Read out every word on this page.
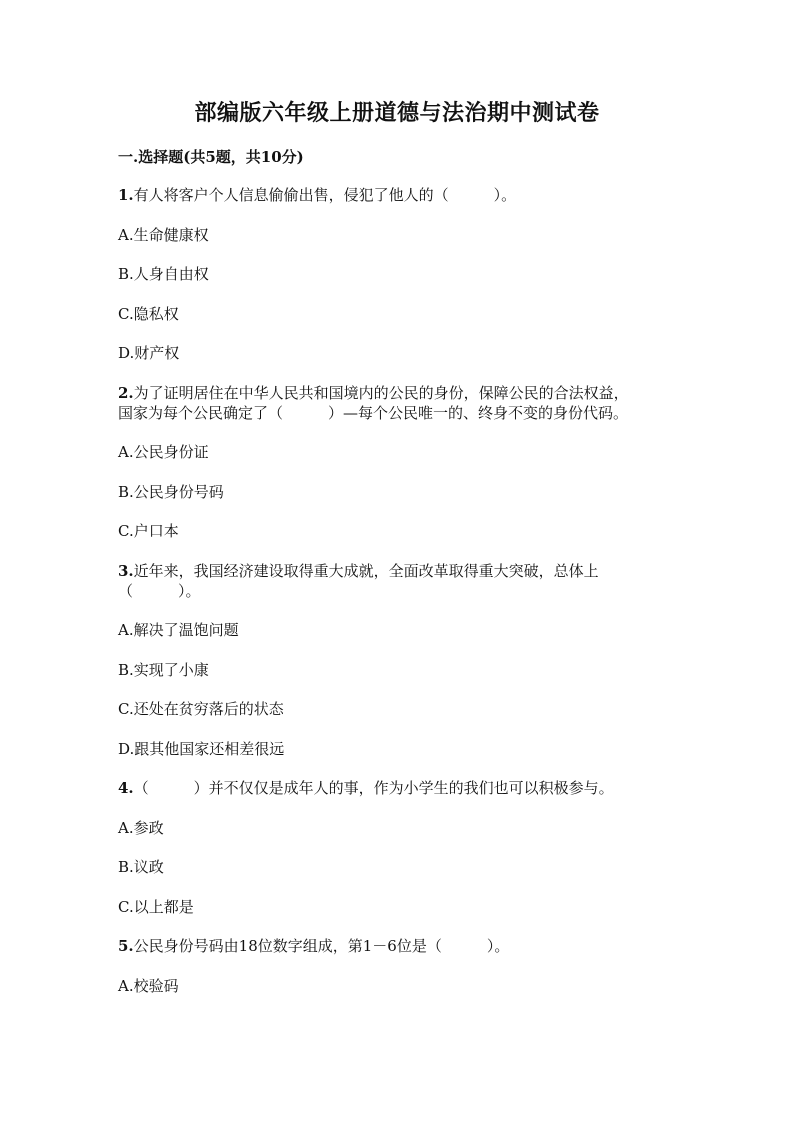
部编版六年级上册道德与法治期中测试卷
一.选择题(共5题，共10分)
1.有人将客户个人信息偷偷出售，侵犯了他人的（　　　）。
A.生命健康权
B.人身自由权
C.隐私权
D.财产权
2.为了证明居住在中华人民共和国境内的公民的身份，保障公民的合法权益，
国家为每个公民确定了（　　　）—每个公民唯一的、终身不变的身份代码。
A.公民身份证
B.公民身份号码
C.户口本
3.近年来，我国经济建设取得重大成就，全面改革取得重大突破，总体上
（　　　）。
A.解决了温饱问题
B.实现了小康
C.还处在贫穷落后的状态
D.跟其他国家还相差很远
4.（　　　）并不仅仅是成年人的事，作为小学生的我们也可以积极参与。
A.参政
B.议政
C.以上都是
5.公民身份号码由18位数字组成，第1－6位是（　　　）。
A.校验码
